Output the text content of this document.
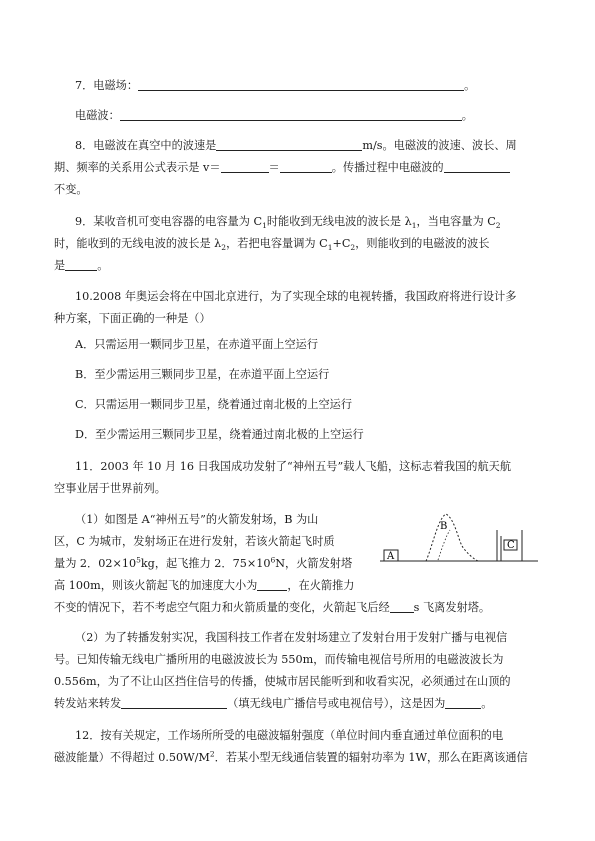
7．电磁场：	。
电磁波：	。
8．电磁波在真空中的波速是	m/s。电磁波的波速、波长、周
期、频率的关系用公式表示是 v＝	＝	。传播过程中电磁波的
不变。
9．某收音机可变电容器的电容量为 $C_1$时能收到无线电波的波长是 $\lambda_1$，当电容量为 $C_2$
时，能收到的无线电波的波长是 $\lambda_2$，若把电容量调为 $C_1+C_2$，则能收到的电磁波的波长
是	。
10.2008 年奥运会将在中国北京进行，为了实现全球的电视转播，我国政府将进行设计多
种方案，下面正确的一种是（）
A．只需运用一颗同步卫星，在赤道平面上空运行
B．至少需运用三颗同步卫星，在赤道平面上空运行
C．只需运用一颗同步卫星，绕着通过南北极的上空运行
D．至少需运用三颗同步卫星，绕着通过南北极的上空运行
11．2003 年 10 月 16 日我国成功发射了“神州五号”载人飞船，这标志着我国的航天航
空事业居于世界前列。
（1）如图是 A“神州五号”的火箭发射场，B 为山
区，C 为城市，发射场正在进行发射，若该火箭起飞时质
量为 2．$02\times 10^5kg$，起飞推力 2．$75\times 10^6N$，火箭发射塔
高 100m，则该火箭起飞的加速度大小为	，在火箭推力
不变的情况下，若不考虑空气阻力和火箭质量的变化，火箭起飞后经 s 飞离发射塔。
A
B
C
（2）为了转播发射实况，我国科技工作者在发射场建立了发射台用于发射广播与电视信
号。已知传输无线电广播所用的电磁波波长为 550m，而传输电视信号所用的电磁波波长为
0.556m，为了不让山区挡住信号的传播，使城市居民能听到和收看实况，必须通过在山顶的
转发站来转发	（填无线电广播信号或电视信号），这是因为	。
12．按有关规定，工作场所所受的电磁波辐射强度（单位时间内垂直通过单位面积的电
磁波能量）不得超过 $0.50W/M^2$．若某小型无线通信装置的辐射功率为 1W，那么在距离该通信
